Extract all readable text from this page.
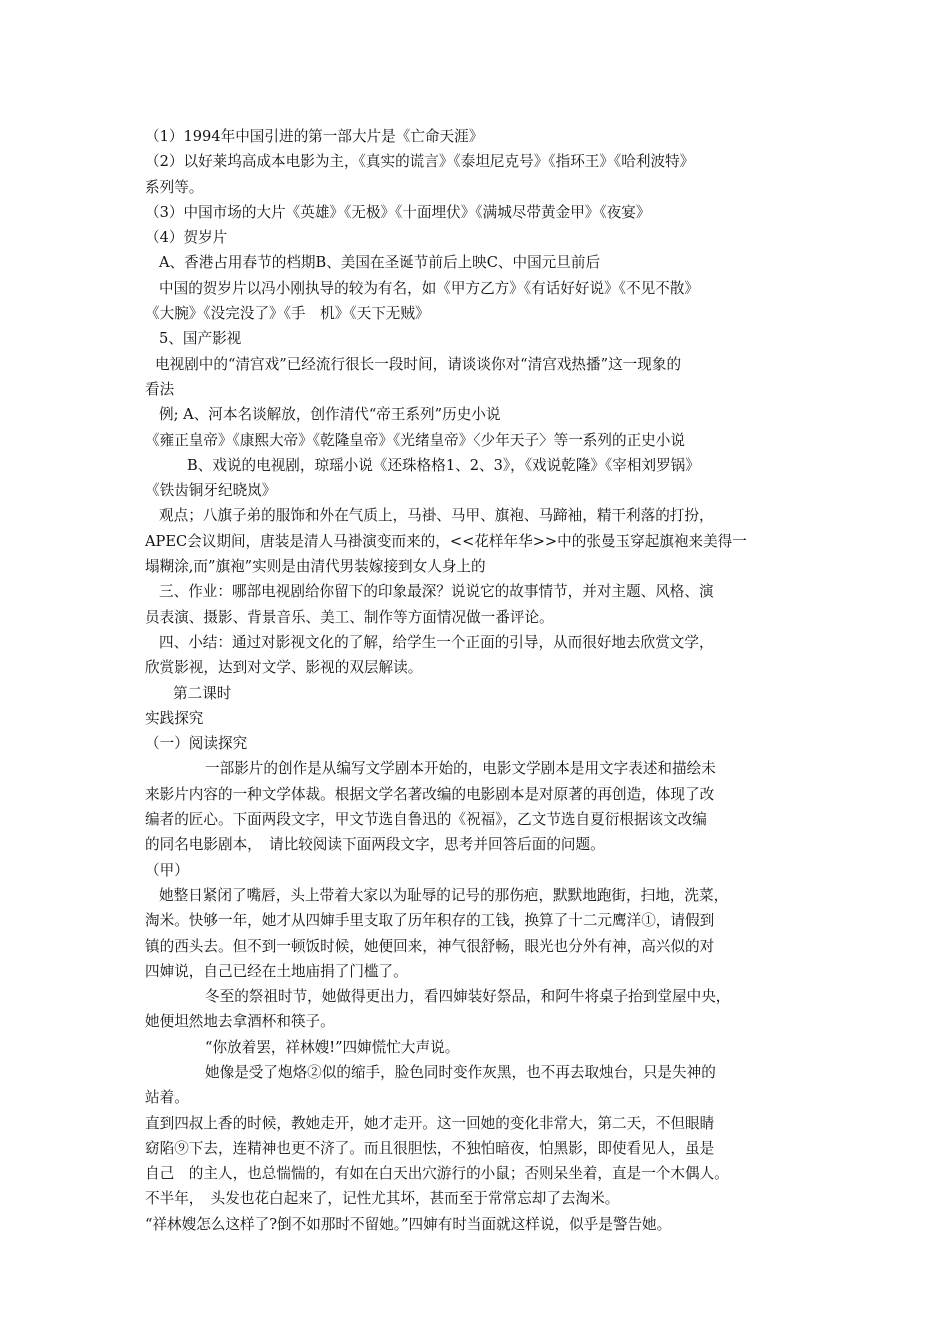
（1）1994年中国引进的第一部大片是《亡命天涯》
（2）以好莱坞高成本电影为主，《真实的谎言》《泰坦尼克号》《指环王》《哈利波特》
系列等。
（3）中国市场的大片《英雄》《无极》《十面埋伏》《满城尽带黄金甲》《夜宴》
（4）贺岁片
A、香港占用春节的档期B、美国在圣诞节前后上映C、中国元旦前后
中国的贺岁片以冯小刚执导的较为有名，如《甲方乙方》《有话好好说》《不见不散》
《大腕》《没完没了》《手　机》《天下无贼》
5、国产影视
电视剧中的“清宫戏”已经流行很长一段时间，请谈谈你对“清宫戏热播”这一现象的
看法
例; A、河本名谈解放，创作清代“帝王系列”历史小说
《雍正皇帝》《康熙大帝》《乾隆皇帝》《光绪皇帝》〈少年天子〉等一系列的正史小说
B、戏说的电视剧，琼瑶小说《还珠格格1、2、3》，《戏说乾隆》《宰相刘罗锅》
《铁齿铜牙纪晓岚》
观点；八旗子弟的服饰和外在气质上，马褂、马甲、旗袍、马蹄袖，精干利落的打扮，
APEC会议期间，唐装是清人马褂演变而来的，<<花样年华>>中的张曼玉穿起旗袍来美得一
塌糊涂,而”旗袍”实则是由清代男装嫁接到女人身上的
三、作业：哪部电视剧给你留下的印象最深？说说它的故事情节，并对主题、风格、演
员表演、摄影、背景音乐、美工、制作等方面情况做一番评论。
四、小结：通过对影视文化的了解，给学生一个正面的引导，从而很好地去欣赏文学，
欣赏影视，达到对文学、影视的双层解读。
第二课时
实践探究
（一）阅读探究
一部影片的创作是从编写文学剧本开始的，电影文学剧本是用文字表述和描绘未
来影片内容的一种文学体裁。根据文学名著改编的电影剧本是对原著的再创造，体现了改
编者的匠心。下面两段文字，甲文节选自鲁迅的《祝福》，乙文节选自夏衍根据该文改编
的同名电影剧本，　请比较阅读下面两段文字，思考并回答后面的问题。
（甲）
她整日紧闭了嘴唇，头上带着大家以为耻辱的记号的那伤疤，默默地跑街，扫地，洗菜，
淘米。快够一年，她才从四婶手里支取了历年积存的工钱，换算了十二元鹰洋①，请假到
镇的西头去。但不到一顿饭时候，她便回来，神气很舒畅，眼光也分外有神，高兴似的对
四婶说，自己已经在土地庙捐了门槛了。
冬至的祭祖时节，她做得更出力，看四婶装好祭品，和阿牛将桌子抬到堂屋中央，
她便坦然地去拿酒杯和筷子。
“你放着罢，祥林嫂!”四婶慌忙大声说。
她像是受了炮烙②似的缩手，脸色同时变作灰黑，也不再去取烛台，只是失神的
站着。
直到四叔上香的时候，教她走开，她才走开。这一回她的变化非常大，第二天，不但眼睛
窈陷⑨下去，连精神也更不济了。而且很胆怯，不独怕暗夜，怕黑影，即使看见人，虽是
自己　的主人，也总惴惴的，有如在白天出穴游行的小鼠；否则呆坐着，直是一个木偶人。
不半年，　头发也花白起来了，记性尤其坏，甚而至于常常忘却了去淘米。
“祥林嫂怎么这样了?倒不如那时不留她。”四婶有时当面就这样说，似乎是警告她。
